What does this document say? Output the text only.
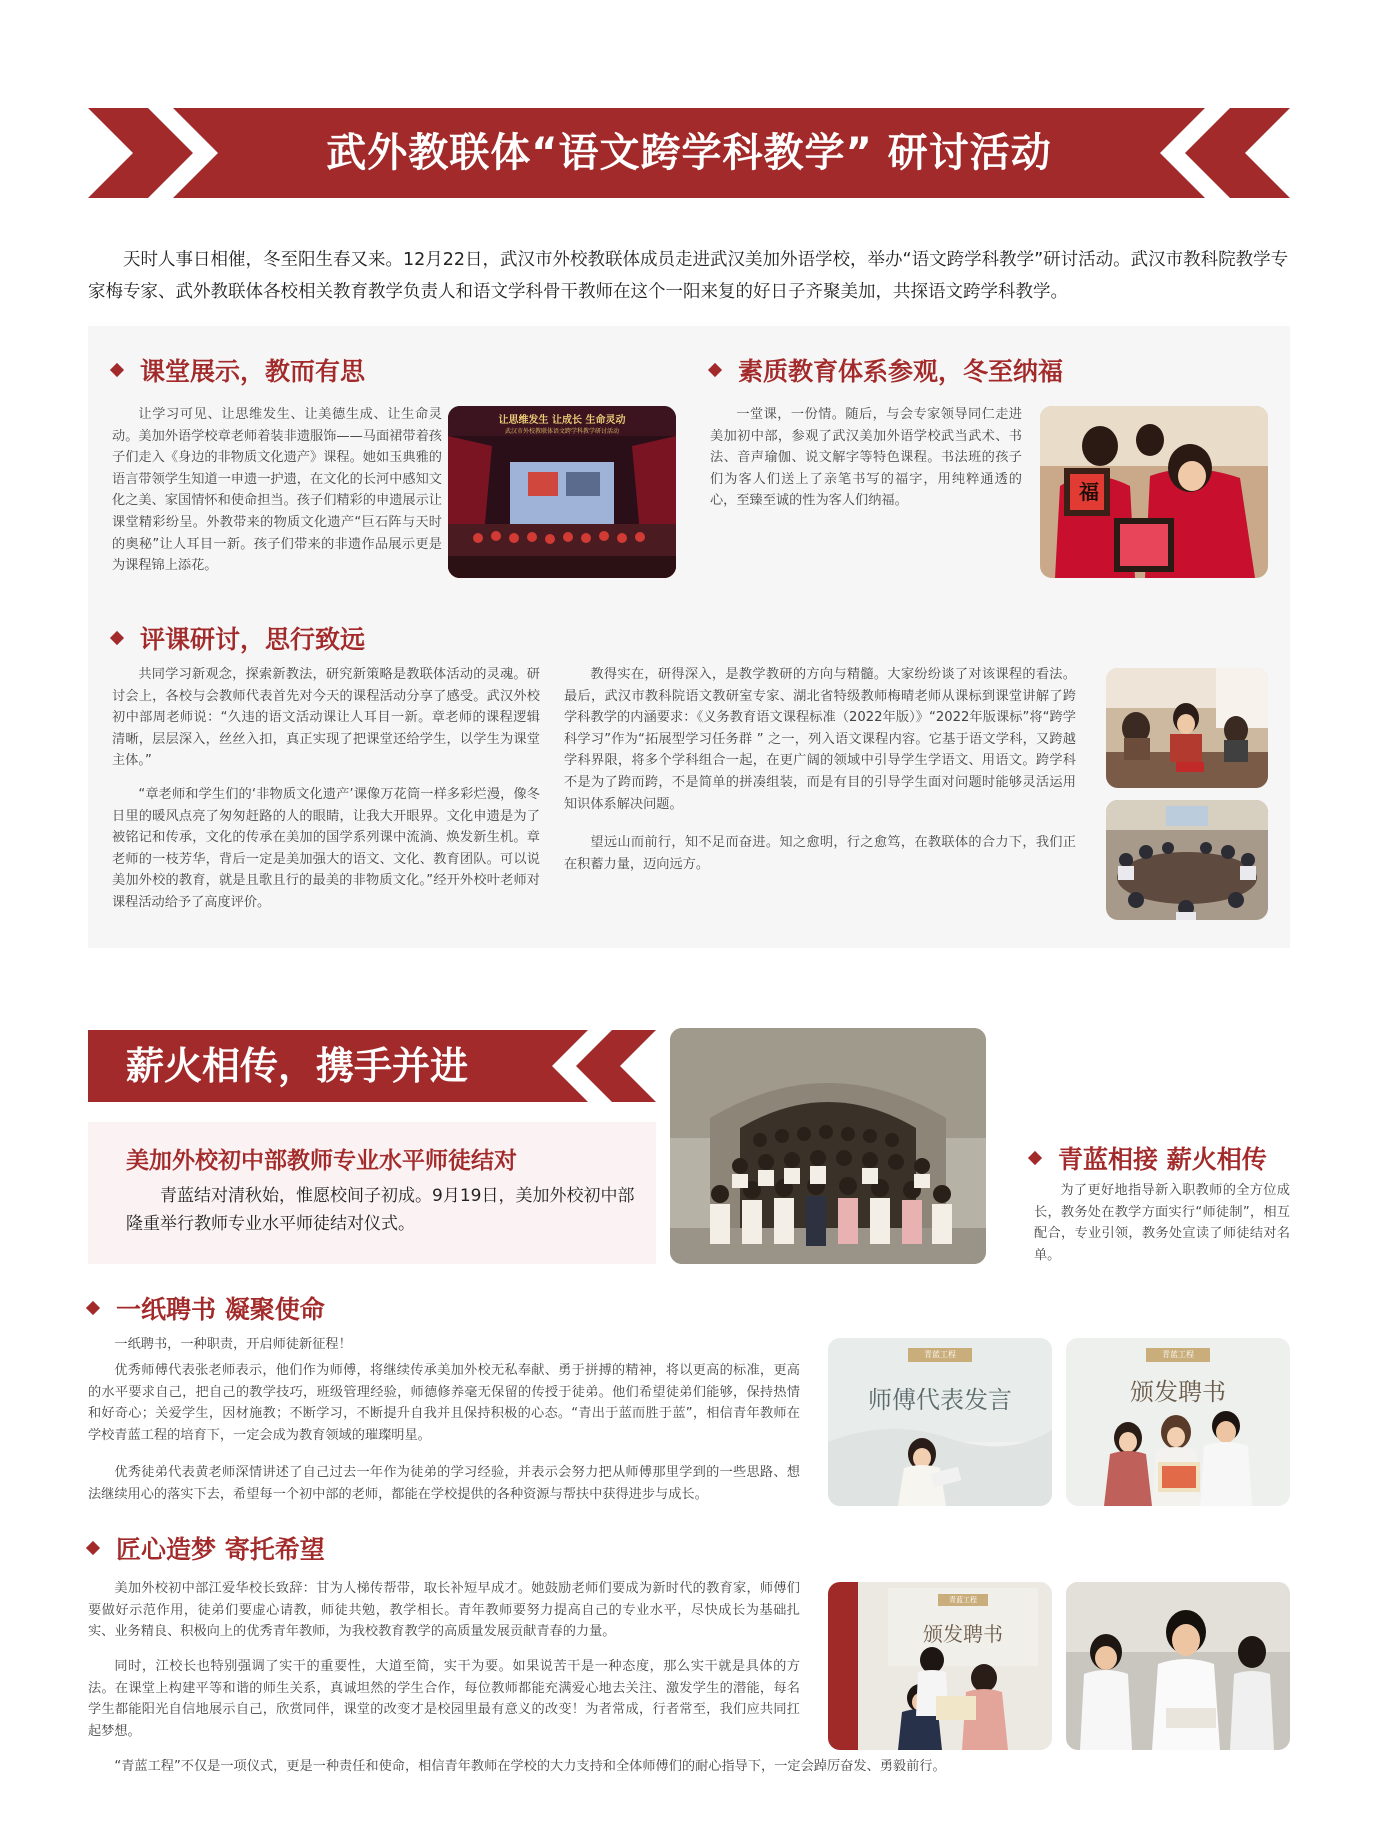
武外教联体“语文跨学科教学” 研讨活动

天时人事日相催，冬至阳生春又来。12月22日，武汉市外校教联体成员走进武汉美加外语学校，举办“语文跨学科教学”研讨活动。武汉市教科院教学专家梅专家、武外教联体各校相关教育教学负责人和语文学科骨干教师在这个一阳来复的好日子齐聚美加，共探语文跨学科教学。

课堂展示，教而有思

让学习可见、让思维发生、让美德生成、让生命灵动。美加外语学校章老师着装非遗服饰——马面裙带着孩子们走入《身边的非物质文化遗产》课程。她如玉典雅的语言带领学生知道一申遗一护遗，在文化的长河中感知文化之美、家国情怀和使命担当。孩子们精彩的申遗展示让课堂精彩纷呈。外教带来的物质文化遗产“巨石阵与天时的奥秘”让人耳目一新。孩子们带来的非遗作品展示更是为课程锦上添花。

让思维发生 让成长 生命灵动
武汉市外校教联体语文跨学科教学研讨活动
素质教育体系参观，冬至纳福

一堂课，一份情。随后，与会专家领导同仁走进美加初中部，参观了武汉美加外语学校武当武术、书法、音声瑜伽、说文解字等特色课程。书法班的孩子们为客人们送上了亲笔书写的福字，用纯粹通透的心，至臻至诚的性为客人们纳福。	福
评课研讨，思行致远

共同学习新观念，探索新教法，研究新策略是教联体活动的灵魂。研讨会上，各校与会教师代表首先对今天的课程活动分享了感受。武汉外校初中部周老师说：“久违的语文活动课让人耳目一新。章老师的课程逻辑清晰，层层深入，丝丝入扣，真正实现了把课堂还给学生，以学生为课堂主体。”

“章老师和学生们的‘非物质文化遗产’课像万花筒一样多彩烂漫，像冬日里的暖风点亮了匆匆赶路的人的眼睛，让我大开眼界。文化申遗是为了被铭记和传承，文化的传承在美加的国学系列课中流淌、焕发新生机。章老师的一枝芳华，背后一定是美加强大的语文、文化、教育团队。可以说美加外校的教育，就是且歌且行的最美的非物质文化。”经开外校叶老师对课程活动给予了高度评价。

教得实在，研得深入，是教学教研的方向与精髓。大家纷纷谈了对该课程的看法。最后，武汉市教科院语文教研室专家、湖北省特级教师梅晴老师从课标到课堂讲解了跨学科教学的内涵要求：《义务教育语文课程标准（2022年版）》“2022年版课标”将“跨学科学习”作为“拓展型学习任务群 ” 之一，列入语文课程内容。它基于语文学科，又跨越学科界限，将多个学科组合一起，在更广阔的领域中引导学生学语文、用语文。跨学科不是为了跨而跨，不是简单的拼凑组装，而是有目的引导学生面对问题时能够灵活运用知识体系解决问题。

望远山而前行，知不足而奋进。知之愈明，行之愈笃，在教联体的合力下，我们正在积蓄力量，迈向远方。

薪火相传，携手并进
美加外校初中部教师专业水平师徒结对

青蓝结对清秋始，惟愿校间子初成。9月19日，美加外校初中部隆重举行教师专业水平师徒结对仪式。

青蓝相接 薪火相传

为了更好地指导新入职教师的全方位成长，教务处在教学方面实行“师徒制”，相互配合，专业引领，教务处宣读了师徒结对名单。

一纸聘书 凝聚使命

一纸聘书，一种职责，开启师徒新征程！

优秀师傅代表张老师表示，他们作为师傅，将继续传承美加外校无私奉献、勇于拼搏的精神，将以更高的标准，更高的水平要求自己，把自己的教学技巧，班级管理经验，师德修养毫无保留的传授于徒弟。他们希望徒弟们能够，保持热情和好奇心；关爱学生，因材施教；不断学习，不断提升自我并且保持积极的心态。“青出于蓝而胜于蓝”，相信青年教师在学校青蓝工程的培育下，一定会成为教育领域的璀璨明星。

优秀徒弟代表黄老师深情讲述了自己过去一年作为徒弟的学习经验，并表示会努力把从师傅那里学到的一些思路、想法继续用心的落实下去，希望每一个初中部的老师，都能在学校提供的各种资源与帮扶中获得进步与成长。

青蓝工程
师傅代表发言
青蓝工程
颁发聘书
匠心造梦 寄托希望

美加外校初中部江爱华校长致辞：甘为人梯传帮带，取长补短早成才。她鼓励老师们要成为新时代的教育家，师傅们要做好示范作用，徒弟们要虚心请教，师徒共勉，教学相长。青年教师要努力提高自己的专业水平，尽快成长为基础扎实、业务精良、积极向上的优秀青年教师，为我校教育教学的高质量发展贡献青春的力量。

同时，江校长也特别强调了实干的重要性，大道至简，实干为要。如果说苦干是一种态度，那么实干就是具体的方法。在课堂上构建平等和谐的师生关系，真诚坦然的学生合作，每位教师都能充满爱心地去关注、激发学生的潜能，每名学生都能阳光自信地展示自己，欣赏同伴，课堂的改变才是校园里最有意义的改变！为者常成，行者常至，我们应共同扛起梦想。

“青蓝工程”不仅是一项仪式，更是一种责任和使命，相信青年教师在学校的大力支持和全体师傅们的耐心指导下，一定会踔厉奋发、勇毅前行。

青蓝工程
颁发聘书
